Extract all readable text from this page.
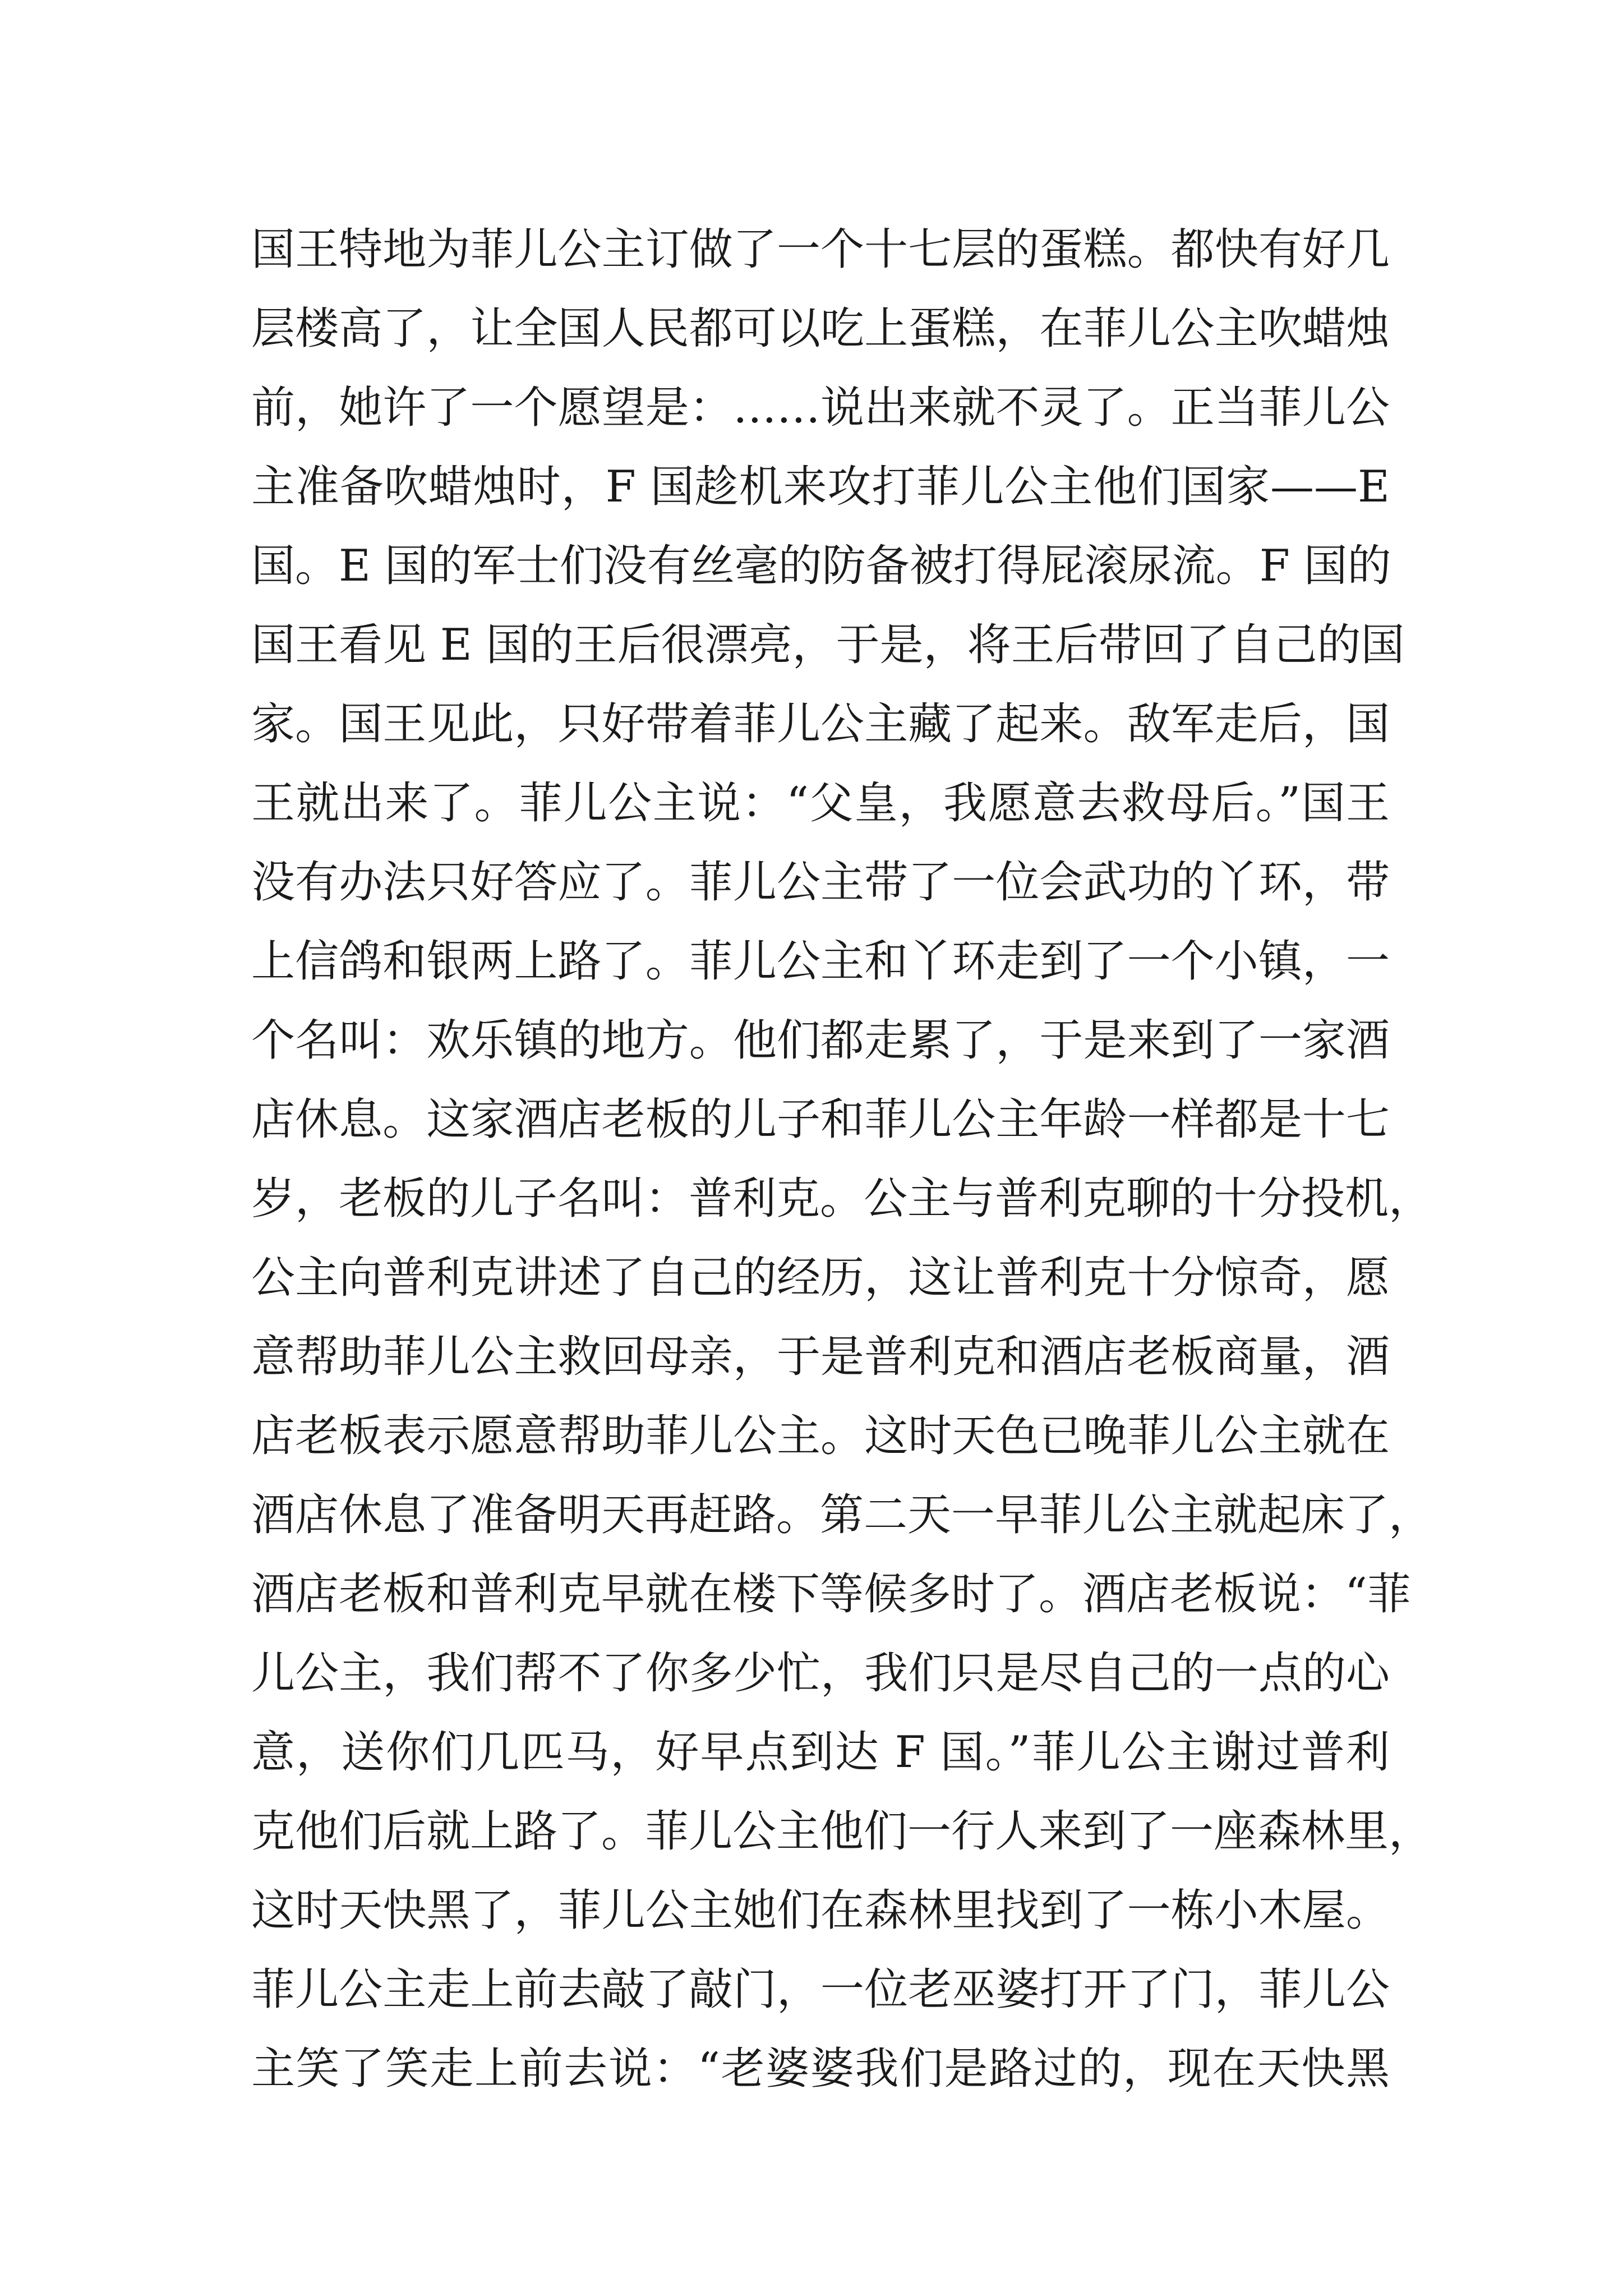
国王特地为菲儿公主订做了一个十七层的蛋糕。都快有好几
层楼高了，让全国人民都可以吃上蛋糕，在菲儿公主吹蜡烛
前，她许了一个愿望是：……说出来就不灵了。正当菲儿公
主准备吹蜡烛时，F 国趁机来攻打菲儿公主他们国家——E
国。E 国的军士们没有丝毫的防备被打得屁滚尿流。F 国的
国王看见 E 国的王后很漂亮，于是，将王后带回了自己的国
家。国王见此，只好带着菲儿公主藏了起来。敌军走后，国
王就出来了。菲儿公主说：“父皇，我愿意去救母后。”国王
没有办法只好答应了。菲儿公主带了一位会武功的丫环，带
上信鸽和银两上路了。菲儿公主和丫环走到了一个小镇，一
个名叫：欢乐镇的地方。他们都走累了，于是来到了一家酒
店休息。这家酒店老板的儿子和菲儿公主年龄一样都是十七
岁，老板的儿子名叫：普利克。公主与普利克聊的十分投机，
公主向普利克讲述了自己的经历，这让普利克十分惊奇，愿
意帮助菲儿公主救回母亲，于是普利克和酒店老板商量，酒
店老板表示愿意帮助菲儿公主。这时天色已晚菲儿公主就在
酒店休息了准备明天再赶路。第二天一早菲儿公主就起床了，
酒店老板和普利克早就在楼下等候多时了。酒店老板说：“菲
儿公主，我们帮不了你多少忙，我们只是尽自己的一点的心
意，送你们几匹马，好早点到达 F 国。”菲儿公主谢过普利
克他们后就上路了。菲儿公主他们一行人来到了一座森林里，
这时天快黑了，菲儿公主她们在森林里找到了一栋小木屋。
菲儿公主走上前去敲了敲门，一位老巫婆打开了门，菲儿公
主笑了笑走上前去说：“老婆婆我们是路过的，现在天快黑
